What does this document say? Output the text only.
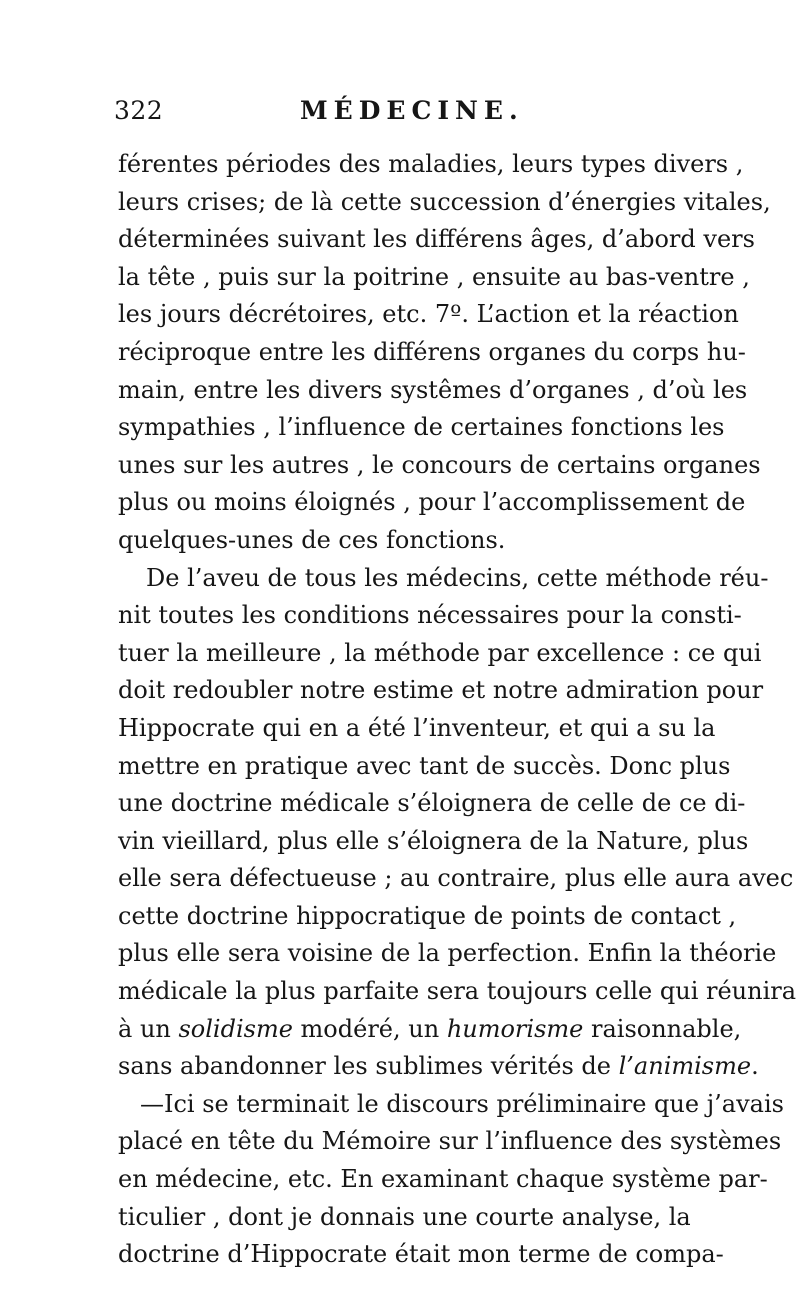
322	MÉDECINE.
férentes périodes des maladies, leurs types divers ,
leurs crises; de là cette succession d’énergies vitales,
déterminées suivant les différens âges, d’abord vers
la tête , puis sur la poitrine , ensuite au bas-ventre ,
les jours décrétoires, etc. 7º. L’action et la réaction
réciproque entre les différens organes du corps hu-
main, entre les divers systêmes d’organes , d’où les
sympathies , l’influence de certaines fonctions les
unes sur les autres , le concours de certains organes
plus ou moins éloignés , pour l’accomplissement de
quelques-unes de ces fonctions.
De l’aveu de tous les médecins, cette méthode réu-
nit toutes les conditions nécessaires pour la consti-
tuer la meilleure , la méthode par excellence : ce qui
doit redoubler notre estime et notre admiration pour
Hippocrate qui en a été l’inventeur, et qui a su la
mettre en pratique avec tant de succès. Donc plus
une doctrine médicale s’éloignera de celle de ce di-
vin vieillard, plus elle s’éloignera de la Nature, plus
elle sera défectueuse ; au contraire, plus elle aura avec
cette doctrine hippocratique de points de contact ,
plus elle sera voisine de la perfection. Enfin la théorie
médicale la plus parfaite sera toujours celle qui réunira
à un solidisme modéré, un humorisme raisonnable,
sans abandonner les sublimes vérités de l’animisme.
—Ici se terminait le discours préliminaire que j’avais
placé en tête du Mémoire sur l’influence des systèmes
en médecine, etc. En examinant chaque système par-
ticulier , dont je donnais une courte analyse, la
doctrine d’Hippocrate était mon terme de compa-
